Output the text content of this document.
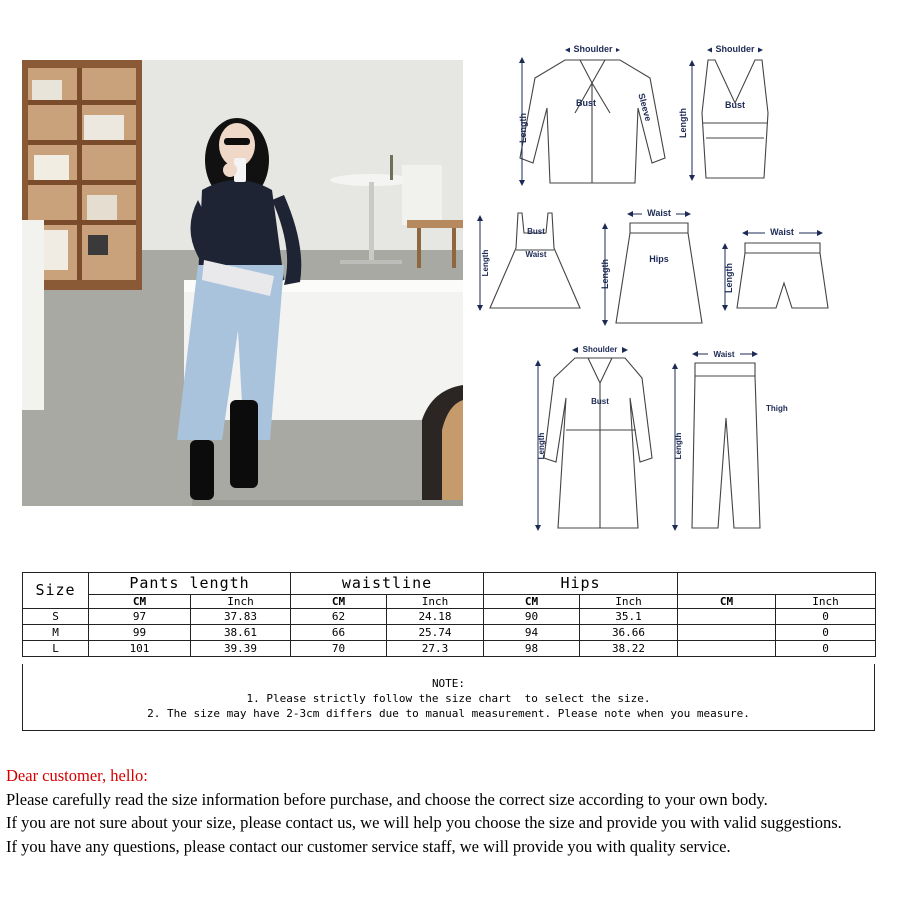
Shoulder
Bust
Length
Sleeve
Shoulder
Bust
Length
Bust
Waist
Length
Waist
Hips
Length
Waist
Length
Shoulder
Bust
Length
Waist
Thigh
Length
Size	Pants length		waistline		Hips			
	CM	Inch	CM	Inch	CM	Inch	CM	Inch
S	97	37.83	62	24.18	90	35.1		0
M	99	38.61	66	25.74	94	36.66		0
L	101	39.39	70	27.3	98	38.22		0
NOTE:
1. Please strictly follow the size chart  to select the size.
2. The size may have 2-3cm differs due to manual measurement. Please note when you measure.
Dear customer, hello:
Please carefully read the size information before purchase, and choose the correct size according to your own body.
If you are not sure about your size, please contact us, we will help you choose the size and provide you with valid suggestions.
If you have any questions, please contact our customer service staff, we will provide you with quality service.
